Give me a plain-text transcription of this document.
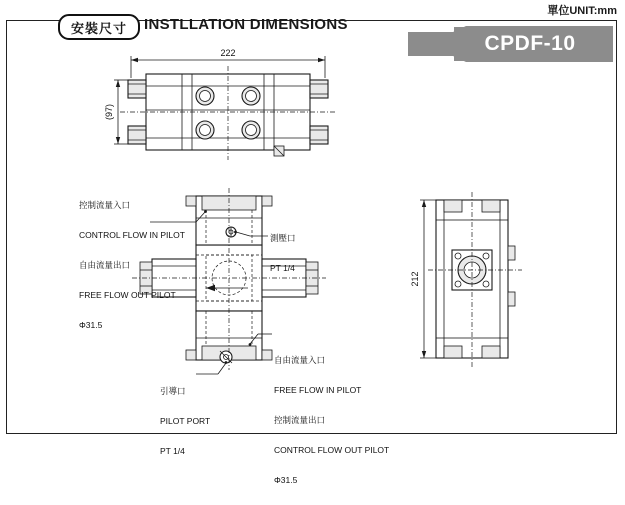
單位UNIT:mm
安裝尺寸	INSTLLATION DIMENSIONS
CPDF-10
222
(97)
212

控制流量入口

CONTROL FLOW IN PILOT

自由流量出口

FREE FLOW OUT PILOT

Φ31.5

測壓口

PT 1/4

自由流量入口

FREE FLOW IN PILOT

控制流量出口

CONTROL FLOW OUT PILOT

Φ31.5

引導口

PILOT PORT

PT 1/4
